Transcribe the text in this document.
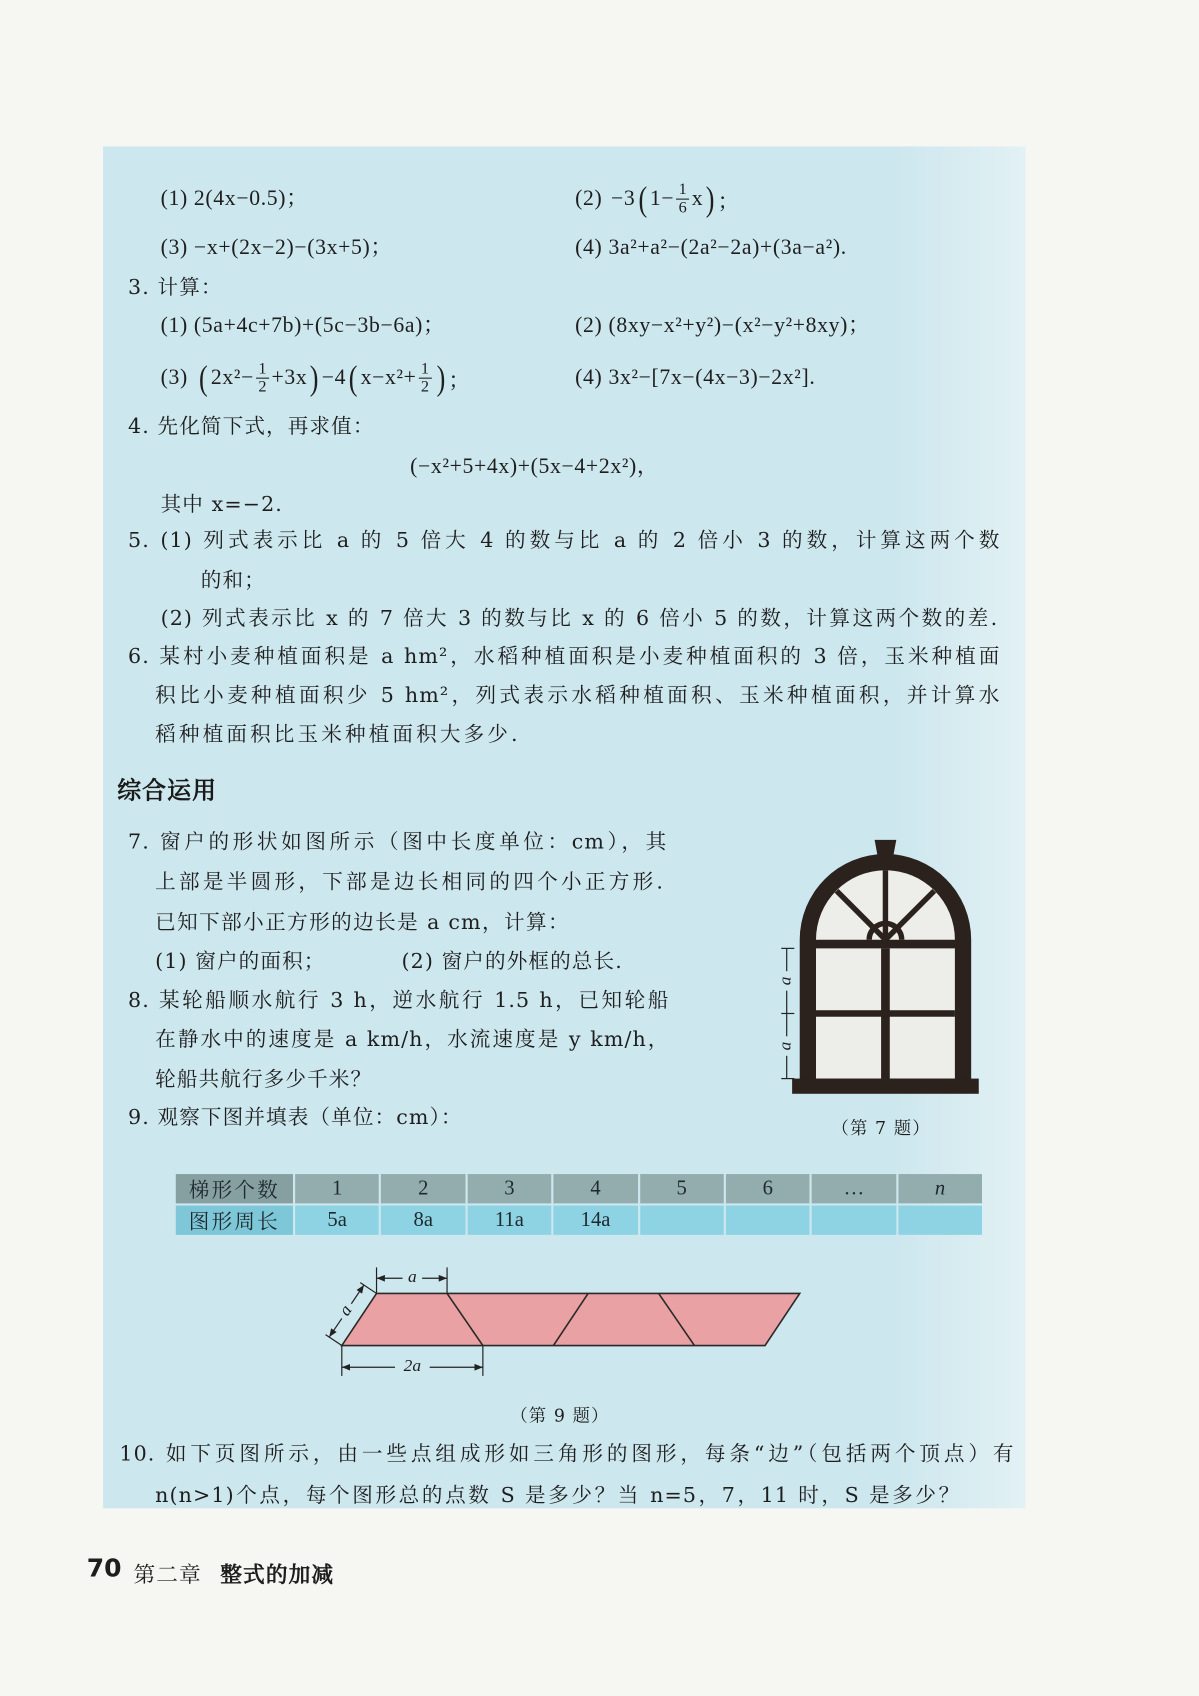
(1) 2(4x−0.5)；	(2) −3 ( $1- \frac{1}{6}$ x ) ；
(3) −x+(2x−2)−(3x+5)；	(4) 3a²+a²−(2a²−2a)+(3a−a²).
3. 计算：
(1) (5a+4c+7b)+(5c−3b−6a)；	(2) (8xy−x²+y²)−(x²−y²+8xy)；
(3) ( $2x^2- \frac{1}{2} +3x$ ) −4 ( $x-x^2+ \frac{1}{2}$ ) ；	(4) 3x²−[7x−(4x−3)−2x²].
4. 先化简下式，再求值：
(−x²+5+4x)+(5x−4+2x²)，
其中 x=−2.
5. (1) 列式表示比 a 的 5 倍大 4 的数与比 a 的 2 倍小 3 的数，计算这两个数
的和；
(2) 列式表示比 x 的 7 倍大 3 的数与比 x 的 6 倍小 5 的数，计算这两个数的差.
6. 某村小麦种植面积是 a hm²，水稻种植面积是小麦种植面积的 3 倍，玉米种植面
积比小麦种植面积少 5 hm²，列式表示水稻种植面积、玉米种植面积，并计算水
稻种植面积比玉米种植面积大多少.
综合运用
7. 窗户的形状如图所示（图中长度单位：cm），其
上部是半圆形，下部是边长相同的四个小正方形.
已知下部小正方形的边长是 a cm，计算：
(1) 窗户的面积；	(2) 窗户的外框的总长.
a
a
（第 7 题）
8. 某轮船顺水航行 3 h，逆水航行 1.5 h，已知轮船
在静水中的速度是 a km/h，水流速度是 y km/h，
轮船共航行多少千米？
9. 观察下图并填表（单位：cm）：
梯形个数	1	2	3	4	5	6	…	n
图形周长	5a	8a	11a	14a				
a
a
2a
（第 9 题）
10. 如下页图所示，由一些点组成形如三角形的图形，每条“边”（包括两个顶点）有
n(n>1)个点，每个图形总的点数 S 是多少？当 n=5，7，11 时，S 是多少？
70 第二章 整式的加减
